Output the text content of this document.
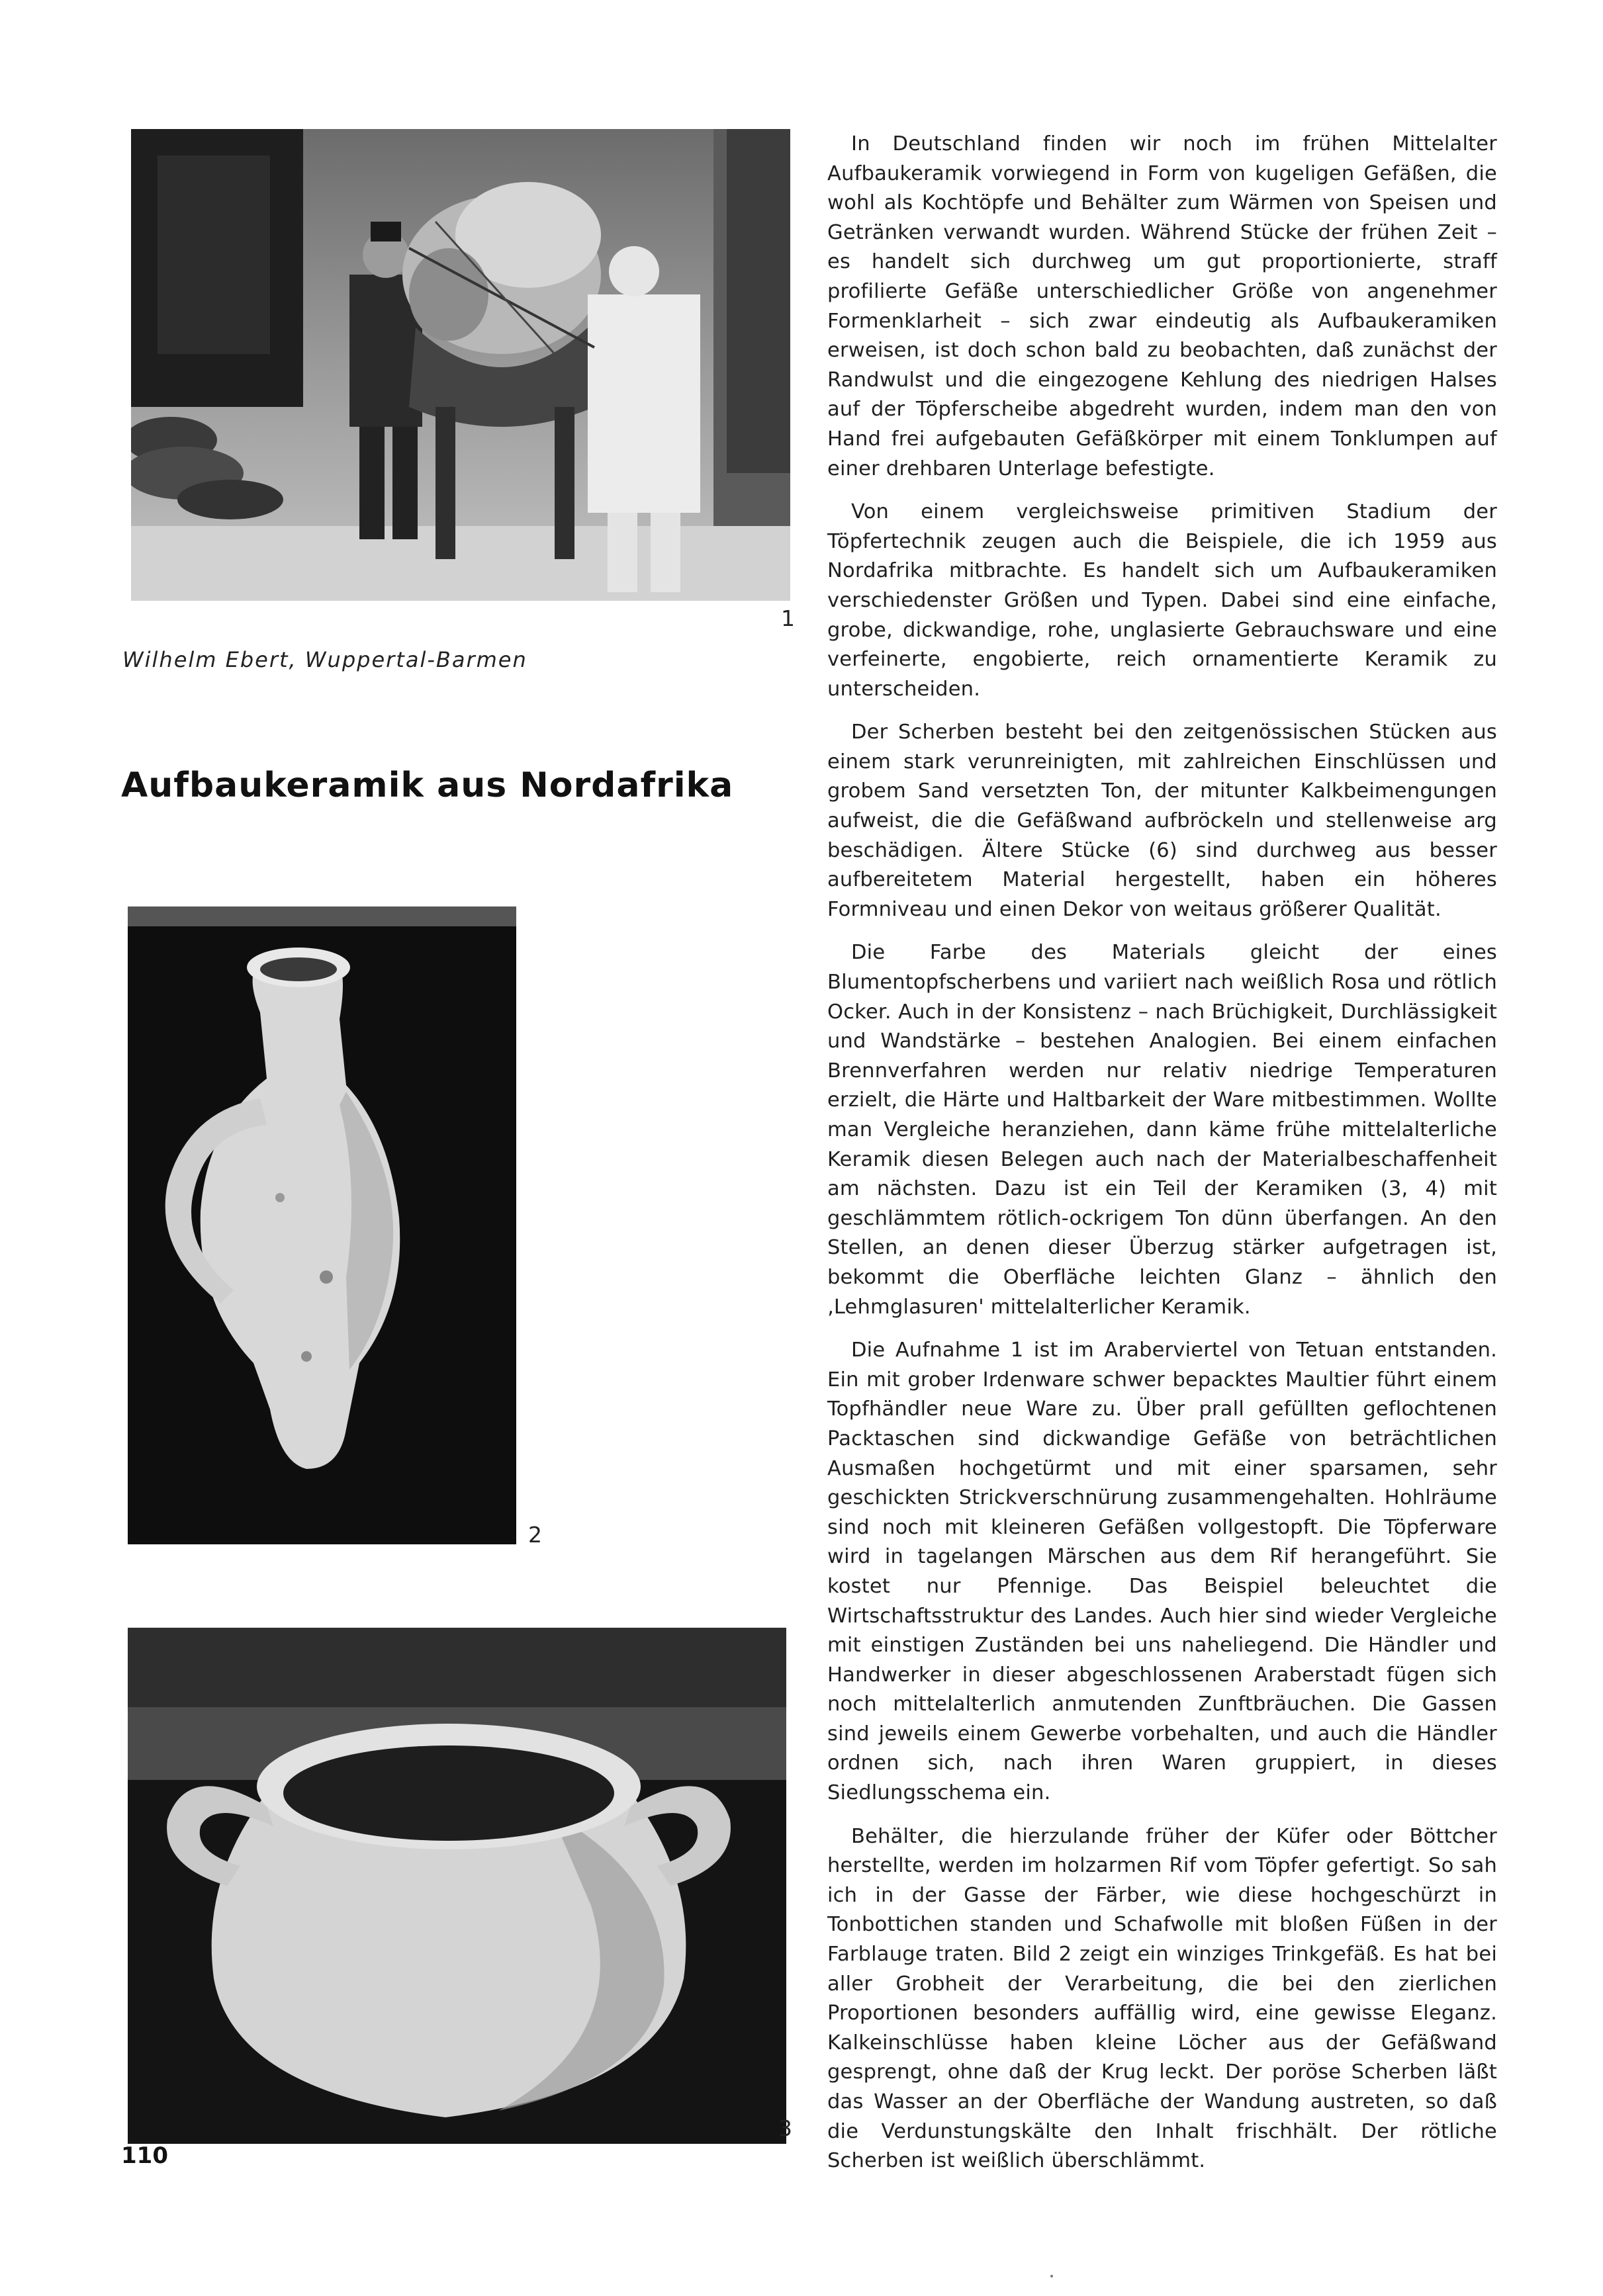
1
Wilhelm Ebert, Wuppertal-Barmen
Aufbaukeramik aus Nordafrika
2
3

In Deutschland finden wir noch im frühen Mittelalter Aufbaukeramik vorwiegend in Form von kugeligen Gefäßen, die wohl als Kochtöpfe und Behälter zum Wärmen von Speisen und Getränken verwandt wurden. Während Stücke der frühen Zeit – es handelt sich durchweg um gut proportionierte, straff profilierte Gefäße unterschiedlicher Größe von angenehmer Formenklarheit – sich zwar eindeutig als Aufbaukeramiken erweisen, ist doch schon bald zu beobachten, daß zunächst der Randwulst und die eingezogene Kehlung des niedrigen Halses auf der Töpferscheibe abgedreht wurden, indem man den von Hand frei aufgebauten Gefäßkörper mit einem Tonklumpen auf einer drehbaren Unterlage befestigte.

Von einem vergleichsweise primitiven Stadium der Töpfertechnik zeugen auch die Beispiele, die ich 1959 aus Nordafrika mitbrachte. Es handelt sich um Aufbaukeramiken verschiedenster Größen und Typen. Dabei sind eine einfache, grobe, dickwandige, rohe, unglasierte Gebrauchsware und eine verfeinerte, engobierte, reich ornamentierte Keramik zu unterscheiden.

Der Scherben besteht bei den zeitgenössischen Stücken aus einem stark verunreinigten, mit zahlreichen Einschlüssen und grobem Sand versetzten Ton, der mitunter Kalkbeimengungen aufweist, die die Gefäßwand aufbröckeln und stellenweise arg beschädigen. Ältere Stücke (6) sind durchweg aus besser aufbereitetem Material hergestellt, haben ein höheres Formniveau und einen Dekor von weitaus größerer Qualität.

Die Farbe des Materials gleicht der eines Blumentopfscherbens und variiert nach weißlich Rosa und rötlich Ocker. Auch in der Konsistenz – nach Brüchigkeit, Durchlässigkeit und Wandstärke – bestehen Analogien. Bei einem einfachen Brennverfahren werden nur relativ niedrige Temperaturen erzielt, die Härte und Haltbarkeit der Ware mitbestimmen. Wollte man Vergleiche heranziehen, dann käme frühe mittelalterliche Keramik diesen Belegen auch nach der Materialbeschaffenheit am nächsten. Dazu ist ein Teil der Keramiken (3, 4) mit geschlämmtem rötlich-ockrigem Ton dünn überfangen. An den Stellen, an denen dieser Überzug stärker aufgetragen ist, bekommt die Oberfläche leichten Glanz – ähnlich den ‚Lehmglasuren' mittelalterlicher Keramik.

Die Aufnahme 1 ist im Araberviertel von Tetuan entstanden. Ein mit grober Irdenware schwer bepacktes Maultier führt einem Topfhändler neue Ware zu. Über prall gefüllten geflochtenen Packtaschen sind dickwandige Gefäße von beträchtlichen Ausmaßen hochgetürmt und mit einer sparsamen, sehr geschickten Strickverschnürung zusammengehalten. Hohlräume sind noch mit kleineren Gefäßen vollgestopft. Die Töpferware wird in tagelangen Märschen aus dem Rif herangeführt. Sie kostet nur Pfennige. Das Beispiel beleuchtet die Wirtschaftsstruktur des Landes. Auch hier sind wieder Vergleiche mit einstigen Zuständen bei uns naheliegend. Die Händler und Handwerker in dieser abgeschlossenen Araberstadt fügen sich noch mittelalterlich anmutenden Zunftbräuchen. Die Gassen sind jeweils einem Gewerbe vorbehalten, und auch die Händler ordnen sich, nach ihren Waren gruppiert, in dieses Siedlungsschema ein.

Behälter, die hierzulande früher der Küfer oder Böttcher herstellte, werden im holzarmen Rif vom Töpfer gefertigt. So sah ich in der Gasse der Färber, wie diese hochgeschürzt in Tonbottichen standen und Schafwolle mit bloßen Füßen in der Farblauge traten. Bild 2 zeigt ein winziges Trinkgefäß. Es hat bei aller Grobheit der Verarbeitung, die bei den zierlichen Proportionen besonders auffällig wird, eine gewisse Eleganz. Kalkeinschlüsse haben kleine Löcher aus der Gefäßwand gesprengt, ohne daß der Krug leckt. Der poröse Scherben läßt das Wasser an der Oberfläche der Wandung austreten, so daß die Verdunstungskälte den Inhalt frischhält. Der rötliche Scherben ist weißlich überschlämmt.

110
